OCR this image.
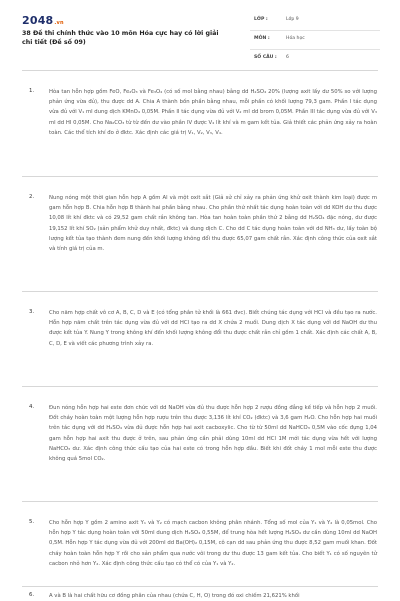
2048.vn
38 Đề thi chính thức vào 10 môn Hóa cực hay có lời giải chi tiết (Đề số 09)
LỚP :	Lớp 9
MÔN :	Hóa học
SỐ CÂU : 6
1.	Hòa tan hỗn hợp gồm FeO, Fe₂O₃ và Fe₃O₄ (có số mol bằng nhau) bằng dd H₂SO₄ 20% (lượng axit lấy dư 50% so với lượng phản ứng vừa đủ), thu được dd A. Chia A thành bốn phần bằng nhau, mỗi phần có khối lượng 79,3 gam. Phần I tác dụng vừa đủ với V₁ ml dung dịch KMnO₄ 0,05M. Phần II tác dụng vừa đủ với V₂ ml dd brom 0,05M. Phần III tác dụng vừa đủ với V₃ ml dd HI 0,05M. Cho Na₂CO₃ từ từ đến dư vào phần IV được V₄ lít khí và m gam kết tủa. Giả thiết các phản ứng xảy ra hoàn toàn. Các thể tích khí đo ở đktc. Xác định các giá trị V₁, V₂, V₃, V₄.
2.	Nung nóng một thời gian hỗn hợp A gồm Al và một oxit sắt (Giả sử chỉ xảy ra phản ứng khử oxit thành kim loại) được m gam hỗn hợp B. Chia hỗn hợp B thành hai phần bằng nhau. Cho phần thứ nhất tác dụng hoàn toàn với dd KOH dư thu được 10,08 lít khí đktc và có 29,52 gam chất rắn không tan. Hòa tan hoàn toàn phần thứ 2 bằng dd H₂SO₄ đặc nóng, dư được 19,152 lít khí SO₂ (sản phẩm khử duy nhất, đktc) và dung dịch C. Cho dd C tác dụng hoàn toàn với dd NH₃ dư, lấy toàn bộ lượng kết tủa tạo thành đem nung đến khối lượng không đổi thu được 65,07 gam chất rắn. Xác định công thức của oxit sắt và tính giá trị của m.
3.	Cho năm hợp chất vô cơ A, B, C, D và E (có tổng phân tử khối là 661 đvc). Biết chúng tác dụng với HCl và đều tạo ra nước. Hỗn hợp năm chất trên tác dụng vừa đủ với dd HCl tạo ra dd X chứa 2 muối. Dung dịch X tác dụng với dd NaOH dư thu được kết tủa Y. Nung Y trong không khí đến khối lượng không đổi thu được chất rắn chỉ gồm 1 chất. Xác định các chất A, B, C, D, E và viết các phương trình xảy ra.
4.	Đun nóng hỗn hợp hai este đơn chức với dd NaOH vừa đủ thu được hỗn hợp 2 rượu đồng đẳng kế tiếp và hỗn hợp 2 muối. Đốt cháy hoàn toàn một lượng hỗn hợp rượu trên thu được 3,136 lít khí CO₂ (đktc) và 3,6 gam H₂O. Cho hỗn hợp hai muối trên tác dụng với dd H₂SO₄ vừa đủ được hỗn hợp hai axit cacboxylic. Cho từ từ 50ml dd NaHCO₃ 0,5M vào cốc đựng 1,04 gam hỗn hợp hai axit thu được ở trên, sau phản ứng cần phải dùng 10ml dd HCl 1M mới tác dụng vừa hết với lượng NaHCO₃ dư. Xác định công thức cấu tạo của hai este có trong hỗn hợp đầu. Biết khi đốt cháy 1 mol mỗi este thu được không quá 5mol CO₂.
5.	Cho hỗn hợp Y gồm 2 amino axit Y₁ và Y₂ có mạch cacbon không phân nhánh. Tổng số mol của Y₁ và Y₂ là 0,05mol. Cho hỗn hợp Y tác dụng hoàn toàn với 50ml dung dịch H₂SO₄ 0,55M, để trung hòa hết lượng H₂SO₄ dư cần dùng 10ml dd NaOH 0,5M. Hỗn hợp Y tác dụng vừa đủ với 200ml dd Ba(OH)₂ 0,15M, cô cạn dd sau phản ứng thu được 8,52 gam muối khan. Đốt cháy hoàn toàn hỗn hợp Y rồi cho sản phẩm qua nước vôi trong dư thu được 13 gam kết tủa. Cho biết Y₁ có số nguyên tử cacbon nhỏ hơn Y₂. Xác định công thức cấu tạo có thể có của Y₁ và Y₂.
6.	A và B là hai chất hữu cơ đồng phân của nhau (chứa C, H, O) trong đó oxi chiếm 21,621% khối
